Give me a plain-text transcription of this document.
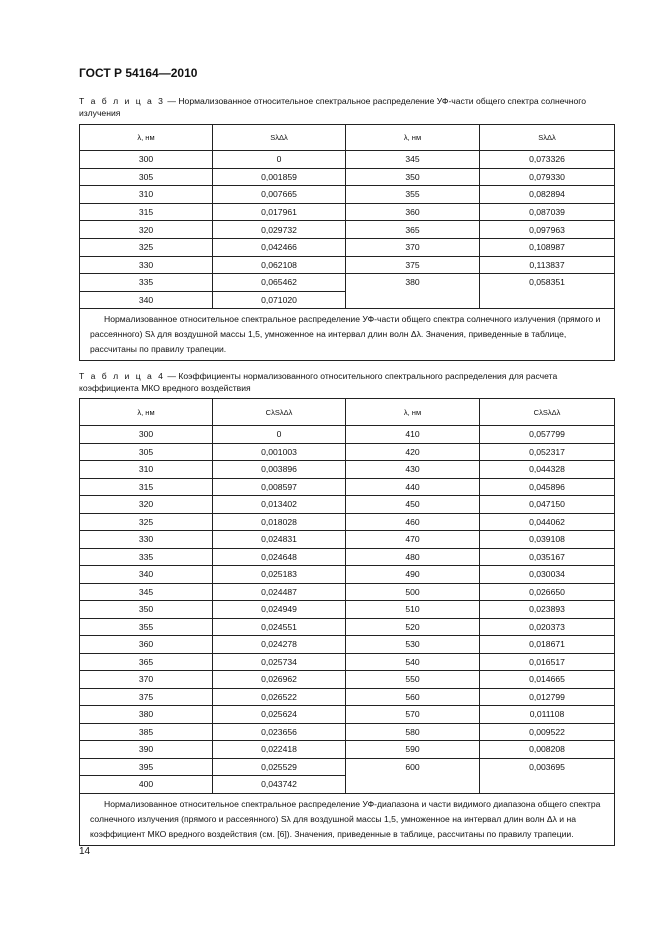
ГОСТ Р 54164—2010
Т а б л и ц а 3 — Нормализованное относительное спектральное распределение УФ-части общего спектра солнечного излучения
λ, нм	SλΔλ	λ, нм	SλΔλ
300	0	345	0,073326
305	0,001859	350	0,079330
310	0,007665	355	0,082894
315	0,017961	360	0,087039
320	0,029732	365	0,097963
325	0,042466	370	0,108987
330	0,062108	375	0,113837
335	0,065462	380	0,058351
340	0,071020		

Нормализованное относительное спектральное распределение УФ-части общего спектра солнечного излучения (прямого и рассеянного) Sλ для воздушной массы 1,5, умноженное на интервал длин волн Δλ. Значения, приведенные в таблице, рассчитаны по правилу трапеции.			

Т а б л и ц а 4 — Коэффициенты нормализованного относительного спектрального распределения для расчета коэффициента МКО вредного воздействия
λ, нм	CλSλΔλ	λ, нм	CλSλΔλ
300	0	410	0,057799
305	0,001003	420	0,052317
310	0,003896	430	0,044328
315	0,008597	440	0,045896
320	0,013402	450	0,047150
325	0,018028	460	0,044062
330	0,024831	470	0,039108
335	0,024648	480	0,035167
340	0,025183	490	0,030034
345	0,024487	500	0,026650
350	0,024949	510	0,023893
355	0,024551	520	0,020373
360	0,024278	530	0,018671
365	0,025734	540	0,016517
370	0,026962	550	0,014665
375	0,026522	560	0,012799
380	0,025624	570	0,011108
385	0,023656	580	0,009522
390	0,022418	590	0,008208
395	0,025529	600	0,003695
400	0,043742		

Нормализованное относительное спектральное распределение УФ-диапазона и части видимого диапазона общего спектра солнечного излучения (прямого и рассеянного) Sλ для воздушной массы 1,5, умноженное на интервал длин волн Δλ и на коэффициент МКО вредного воздействия (см. [6]). Значения, приведенные в таблице, рассчитаны по правилу трапеции.			

14
